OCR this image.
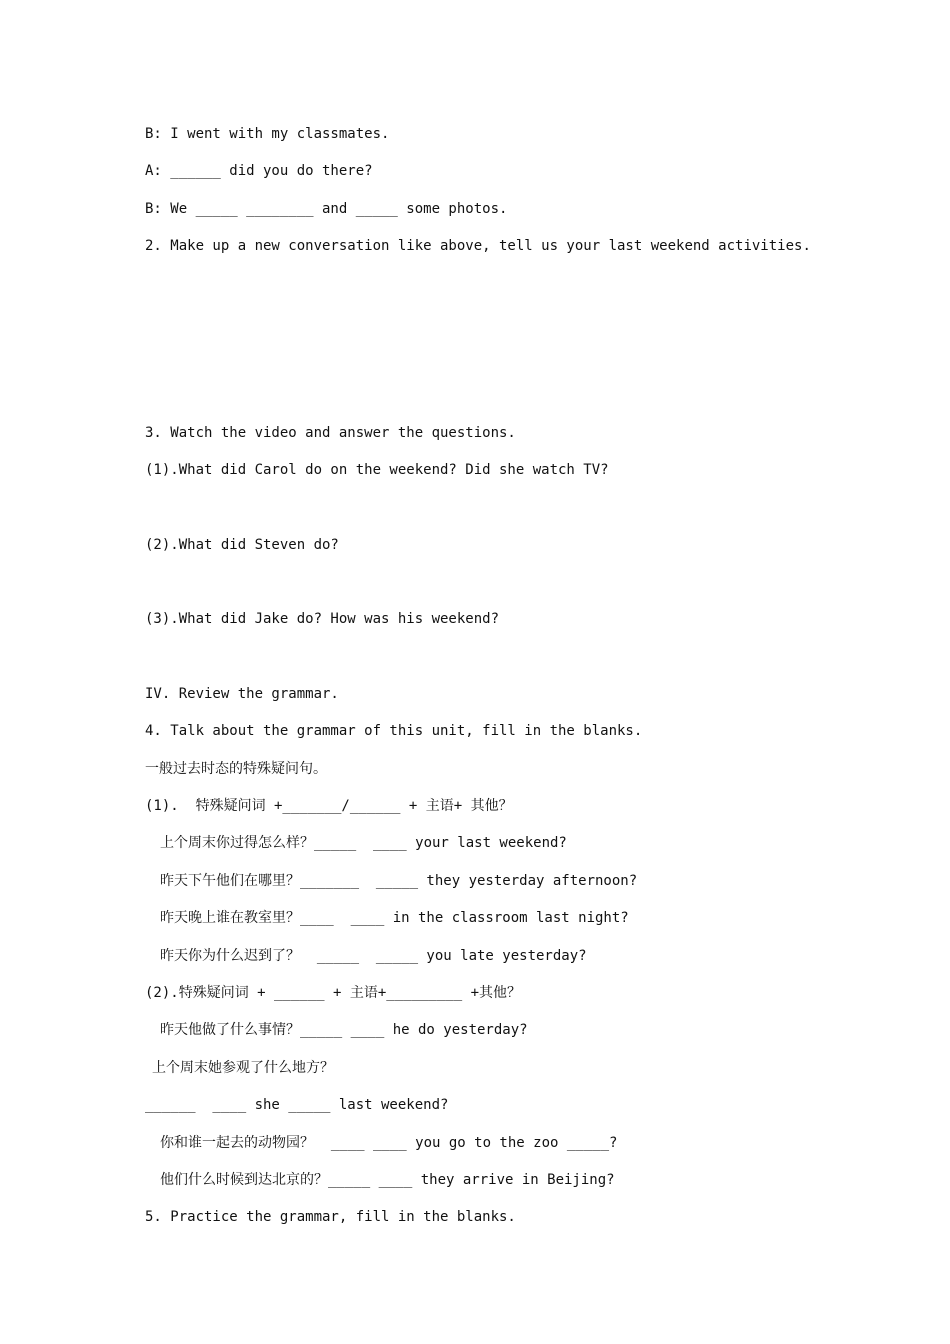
B: I went with my classmates.
A: ______ did you do there?
B: We _____ ________ and _____ some photos.
2. Make up a new conversation like above, tell us your last weekend activities.
3. Watch the video and answer the questions.
(1).What did Carol do on the weekend? Did she watch TV?
(2).What did Steven do?
(3).What did Jake do? How was his weekend?
IV. Review the grammar.
4. Talk about the grammar of this unit, fill in the blanks.
一般过去时态的特殊疑问句。
(1).  特殊疑问词 +_______/______ + 主语+ 其他？
上个周末你过得怎么样？_____  ____ your last weekend?
昨天下午他们在哪里？_______  _____ they yesterday afternoon?
昨天晚上谁在教室里？____  ____ in the classroom last night?
昨天你为什么迟到了？  _____  _____ you late yesterday?
(2).特殊疑问词 + ______ + 主语+_________ +其他？
昨天他做了什么事情？_____ ____ he do yesterday?
上个周末她参观了什么地方？
______  ____ she _____ last weekend?
你和谁一起去的动物园？  ____ ____ you go to the zoo _____?
他们什么时候到达北京的？_____ ____ they arrive in Beijing?
5. Practice the grammar, fill in the blanks.
